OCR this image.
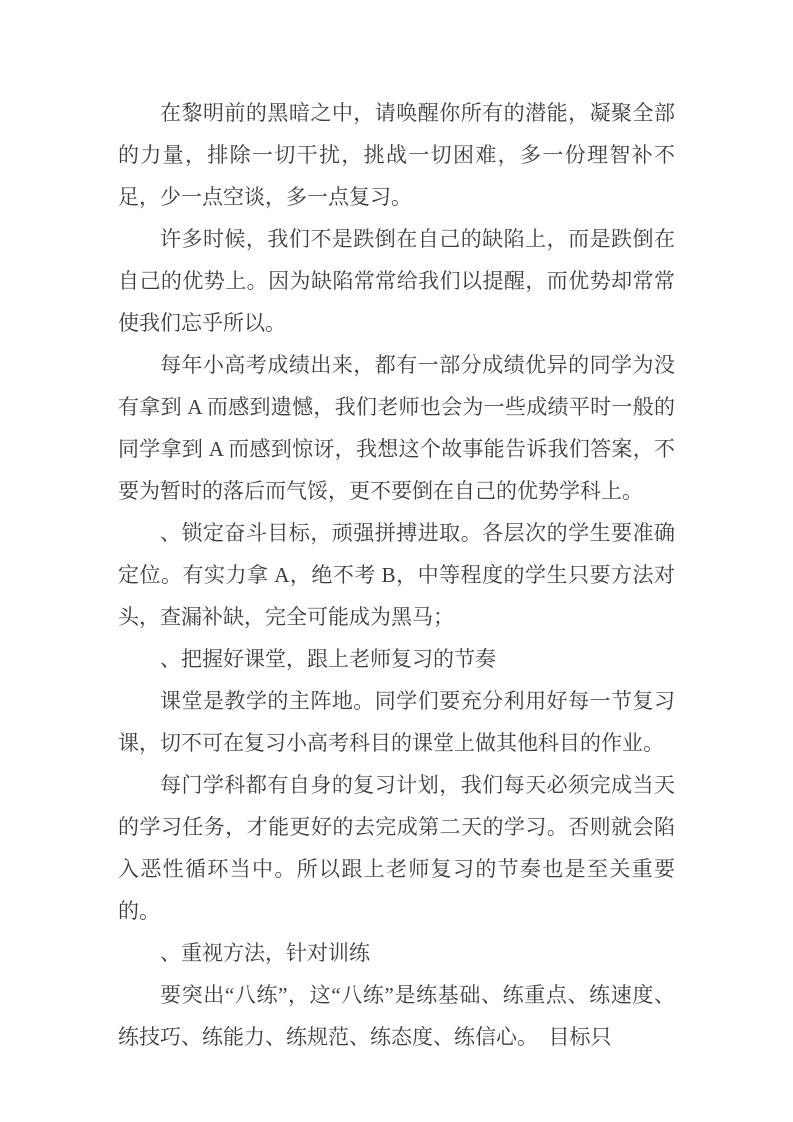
在黎明前的黑暗之中，请唤醒你所有的潜能，凝聚全部的力量，排除一切干扰，挑战一切困难，多一份理智补不足，少一点空谈，多一点复习。

许多时候，我们不是跌倒在自己的缺陷上，而是跌倒在自己的优势上。因为缺陷常常给我们以提醒，而优势却常常使我们忘乎所以。

每年小高考成绩出来，都有一部分成绩优异的同学为没有拿到 A 而感到遗憾，我们老师也会为一些成绩平时一般的同学拿到 A 而感到惊讶，我想这个故事能告诉我们答案，不要为暂时的落后而气馁，更不要倒在自己的优势学科上。

、锁定奋斗目标，顽强拼搏进取。各层次的学生要准确定位。有实力拿 A，绝不考 B，中等程度的学生只要方法对头，查漏补缺，完全可能成为黑马；

、把握好课堂，跟上老师复习的节奏

课堂是教学的主阵地。同学们要充分利用好每一节复习课，切不可在复习小高考科目的课堂上做其他科目的作业。

每门学科都有自身的复习计划，我们每天必须完成当天的学习任务，才能更好的去完成第二天的学习。否则就会陷入恶性循环当中。所以跟上老师复习的节奏也是至关重要的。

、重视方法，针对训练

要突出“八练”，这“八练”是练基础、练重点、练速度、练技巧、练能力、练规范、练态度、练信心。　目标只
